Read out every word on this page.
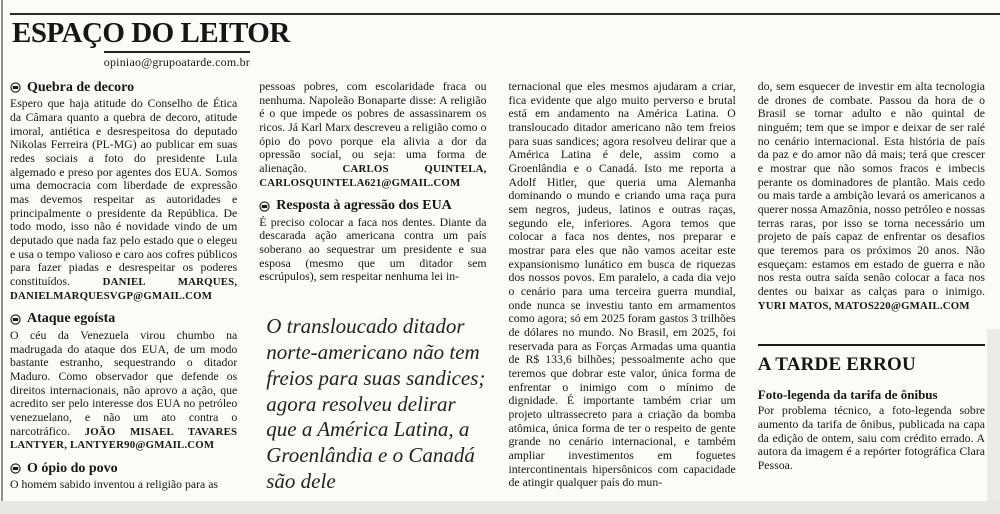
ESPAÇO DO LEITOR
opiniao@grupoatarde.com.br
Quebra de decoro

Espero que haja atitude do Conselho de Ética da Câmara quanto a quebra de decoro, atitude imoral, antiética e desrespeitosa do deputado Nikolas Ferreira (PL-MG) ao publicar em suas redes sociais a foto do presidente Lula algemado e preso por agentes dos EUA. Somos uma democracia com liberdade de expressão mas devemos respeitar as autoridades e principalmente o presidente da República. De todo modo, isso não é novidade vindo de um deputado que nada faz pelo estado que o elegeu e usa o tempo valioso e caro aos cofres públicos para fazer piadas e desrespeitar os poderes constituídos.	DANIEL MARQUES, DANIELMARQUESVGP@GMAIL.COM

Ataque egoísta

O céu da Venezuela virou chumbo na madrugada do ataque dos EUA, de um modo bastante estranho, sequestrando o ditador Maduro. Como observador que defende os direitos internacionais, não aprovo a ação, que acredito ser pelo interesse dos EUA no petróleo venezuelano, e não um ato contra o narcotráfico. JOÃO MISAEL TAVARES LANTYER, LANTYER90@GMAIL.COM

O ópio do povo

O homem sabido inventou a religião para as

pessoas pobres, com escolaridade fraca ou nenhuma. Napoleão Bonaparte disse: A religião é o que impede os pobres de assassinarem os ricos. Já Karl Marx descreveu a religião como o ópio do povo porque ela alivia a dor da opressão social, ou seja: uma forma de alienação.	CARLOS QUINTELA, CARLOSQUINTELA621@GMAIL.COM

Resposta à agressão dos EUA

É preciso colocar a faca nos dentes. Diante da descarada ação americana contra um país soberano ao sequestrar um presidente e sua esposa (mesmo que um ditador sem escrúpulos), sem respeitar nenhuma lei in-

O transloucado ditador norte-americano não tem freios para suas sandices; agora resolveu delirar que a América Latina, a Groenlândia e o Canadá são dele

ternacional que eles mesmos ajudaram a criar, fica evidente que algo muito perverso e brutal está em andamento na América Latina. O transloucado ditador americano não tem freios para suas sandices; agora resolveu delirar que a América Latina é dele, assim como a Groenlândia e o Canadá. Isto me reporta a Adolf Hitler, que queria uma Alemanha dominando o mundo e criando uma raça pura sem negros, judeus, latinos e outras raças, segundo ele, inferiores. Agora temos que colocar a faca nos dentes, nos preparar e mostrar para eles que não vamos aceitar este expansionismo lunático em busca de riquezas dos nossos povos. Em paralelo, a cada dia vejo o cenário para uma terceira guerra mundial, onde nunca se investiu tanto em armamentos como agora; só em 2025 foram gastos 3 trilhões de dólares no mundo. No Brasil, em 2025, foi reservada para as Forças Armadas uma quantia de R$ 133,6 bilhões; pessoalmente acho que teremos que dobrar este valor, única forma de enfrentar o inimigo com o mínimo de dignidade. É importante também criar um projeto ultrassecreto para a criação da bomba atômica, única forma de ter o respeito de gente grande no cenário internacional, e também ampliar investimentos em foguetes intercontinentais hipersônicos com capacidade de atingir qualquer país do mun-

do, sem esquecer de investir em alta tecnologia de drones de combate. Passou da hora de o Brasil se tornar adulto e não quintal de ninguém; tem que se impor e deixar de ser ralé no cenário internacional. Esta história de país da paz e do amor não dá mais; terá que crescer e mostrar que não somos fracos e imbecis perante os dominadores de plantão. Mais cedo ou mais tarde a ambição levará os americanos a querer nossa Amazônia, nosso petróleo e nossas terras raras, por isso se torna necessário um projeto de país capaz de enfrentar os desafios que teremos para os próximos 20 anos. Não esqueçam: estamos em estado de guerra e não nos resta outra saída senão colocar a faca nos dentes ou baixar as calças para o inimigo. YURI MATOS, MATOS220@GMAIL.COM

A TARDE ERROU
Foto-legenda da tarifa de ônibus

Por problema técnico, a foto-legenda sobre aumento da tarifa de ônibus, publicada na capa da edição de ontem, saiu com crédito errado. A autora da imagem é a repórter fotográfica Clara Pessoa.
